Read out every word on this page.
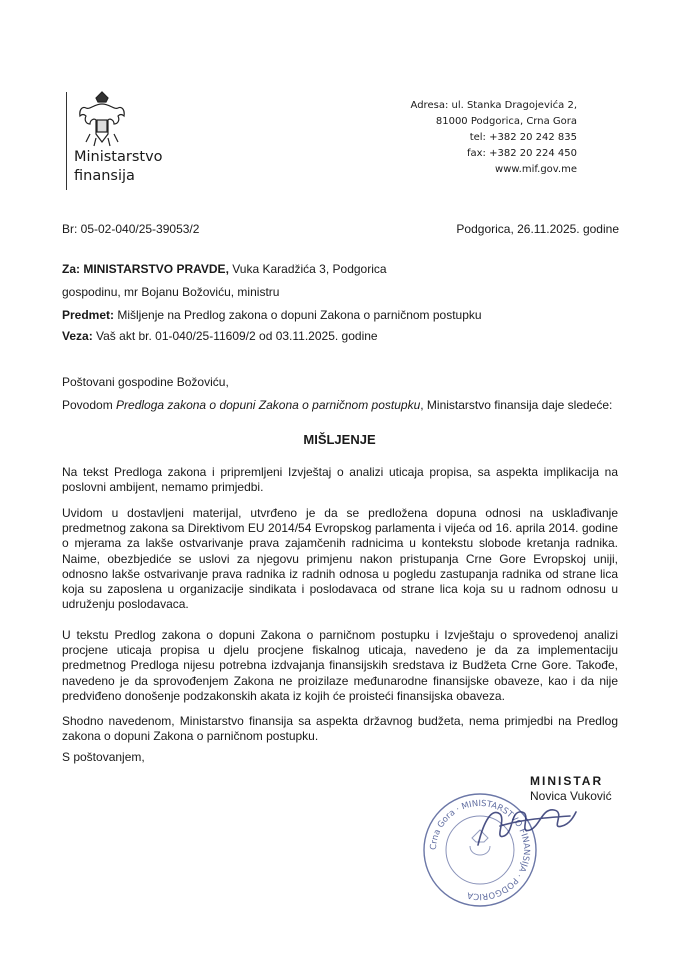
Ministarstvo
finansija
Adresa: ul. Stanka Dragojevića 2,
81000 Podgorica, Crna Gora
tel: +382 20 242 835
fax: +382 20 224 450
www.mif.gov.me
Br: 05-02-040/25-39053/2	Podgorica, 26.11.2025. godine
Za: MINISTARSTVO PRAVDE, Vuka Karadžića 3, Podgorica
gospodinu, mr Bojanu Božoviću, ministru
Predmet: Mišljenje na Predlog zakona o dopuni Zakona o parničnom postupku
Veza: Vaš akt br. 01-040/25-11609/2 od 03.11.2025. godine
Poštovani gospodine Božoviću,
Povodom Predloga zakona o dopuni Zakona o parničnom postupku, Ministarstvo finansija daje sledeće:
MIŠLJENJE
Na tekst Predloga zakona i pripremljeni Izvještaj o analizi uticaja propisa, sa aspekta implikacija na poslovni ambijent, nemamo primjedbi.
Uvidom u dostavljeni materijal, utvrđeno je da se predložena dopuna odnosi na usklađivanje predmetnog zakona sa Direktivom EU 2014/54 Evropskog parlamenta i vijeća od 16. aprila 2014. godine o mjerama za lakše ostvarivanje prava zajamčenih radnicima u kontekstu slobode kretanja radnika. Naime, obezbjediće se uslovi za njegovu primjenu nakon pristupanja Crne Gore Evropskoj uniji, odnosno lakše ostvarivanje prava radnika iz radnih odnosa u pogledu zastupanja radnika od strane lica koja su zaposlena u organizacije sindikata i poslodavaca od strane lica koja su u radnom odnosu u udruženju poslodavaca.
U tekstu Predlog zakona o dopuni Zakona o parničnom postupku i Izvještaju o sprovedenoj analizi procjene uticaja propisa u djelu procjene fiskalnog uticaja, navedeno je da za implementaciju predmetnog Predloga nijesu potrebna izdvajanja finansijskih sredstava iz Budžeta Crne Gore. Takođe, navedeno je da sprovođenjem Zakona ne proizilaze međunarodne finansijske obaveze, kao i da nije predviđeno donošenje podzakonskih akata iz kojih će proisteći finansijska obaveza.
Shodno navedenom, Ministarstvo finansija sa aspekta državnog budžeta, nema primjedbi na Predlog zakona o dopuni Zakona o parničnom postupku.
S poštovanjem,
Crna Gora · MINISTARSTVO FINANSIJA · PODGORICA
MINISTAR
Novica Vuković
